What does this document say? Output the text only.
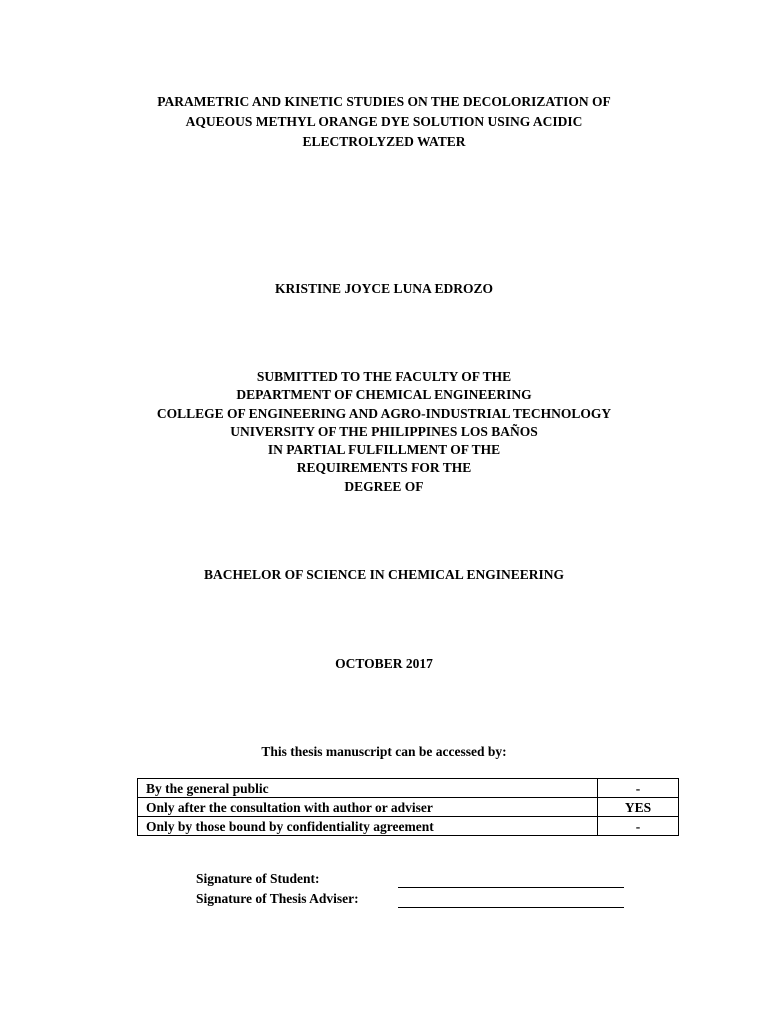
PARAMETRIC AND KINETIC STUDIES ON THE DECOLORIZATION OF
AQUEOUS METHYL ORANGE DYE SOLUTION USING ACIDIC
ELECTROLYZED WATER
KRISTINE JOYCE LUNA EDROZO
SUBMITTED TO THE FACULTY OF THE
DEPARTMENT OF CHEMICAL ENGINEERING
COLLEGE OF ENGINEERING AND AGRO-INDUSTRIAL TECHNOLOGY
UNIVERSITY OF THE PHILIPPINES LOS BAÑOS
IN PARTIAL FULFILLMENT OF THE
REQUIREMENTS FOR THE
DEGREE OF
BACHELOR OF SCIENCE IN CHEMICAL ENGINEERING
OCTOBER 2017
This thesis manuscript can be accessed by:
By the general public	-
Only after the consultation with author or adviser	YES
Only by those bound by confidentiality agreement	-
Signature of Student:
Signature of Thesis Adviser:
